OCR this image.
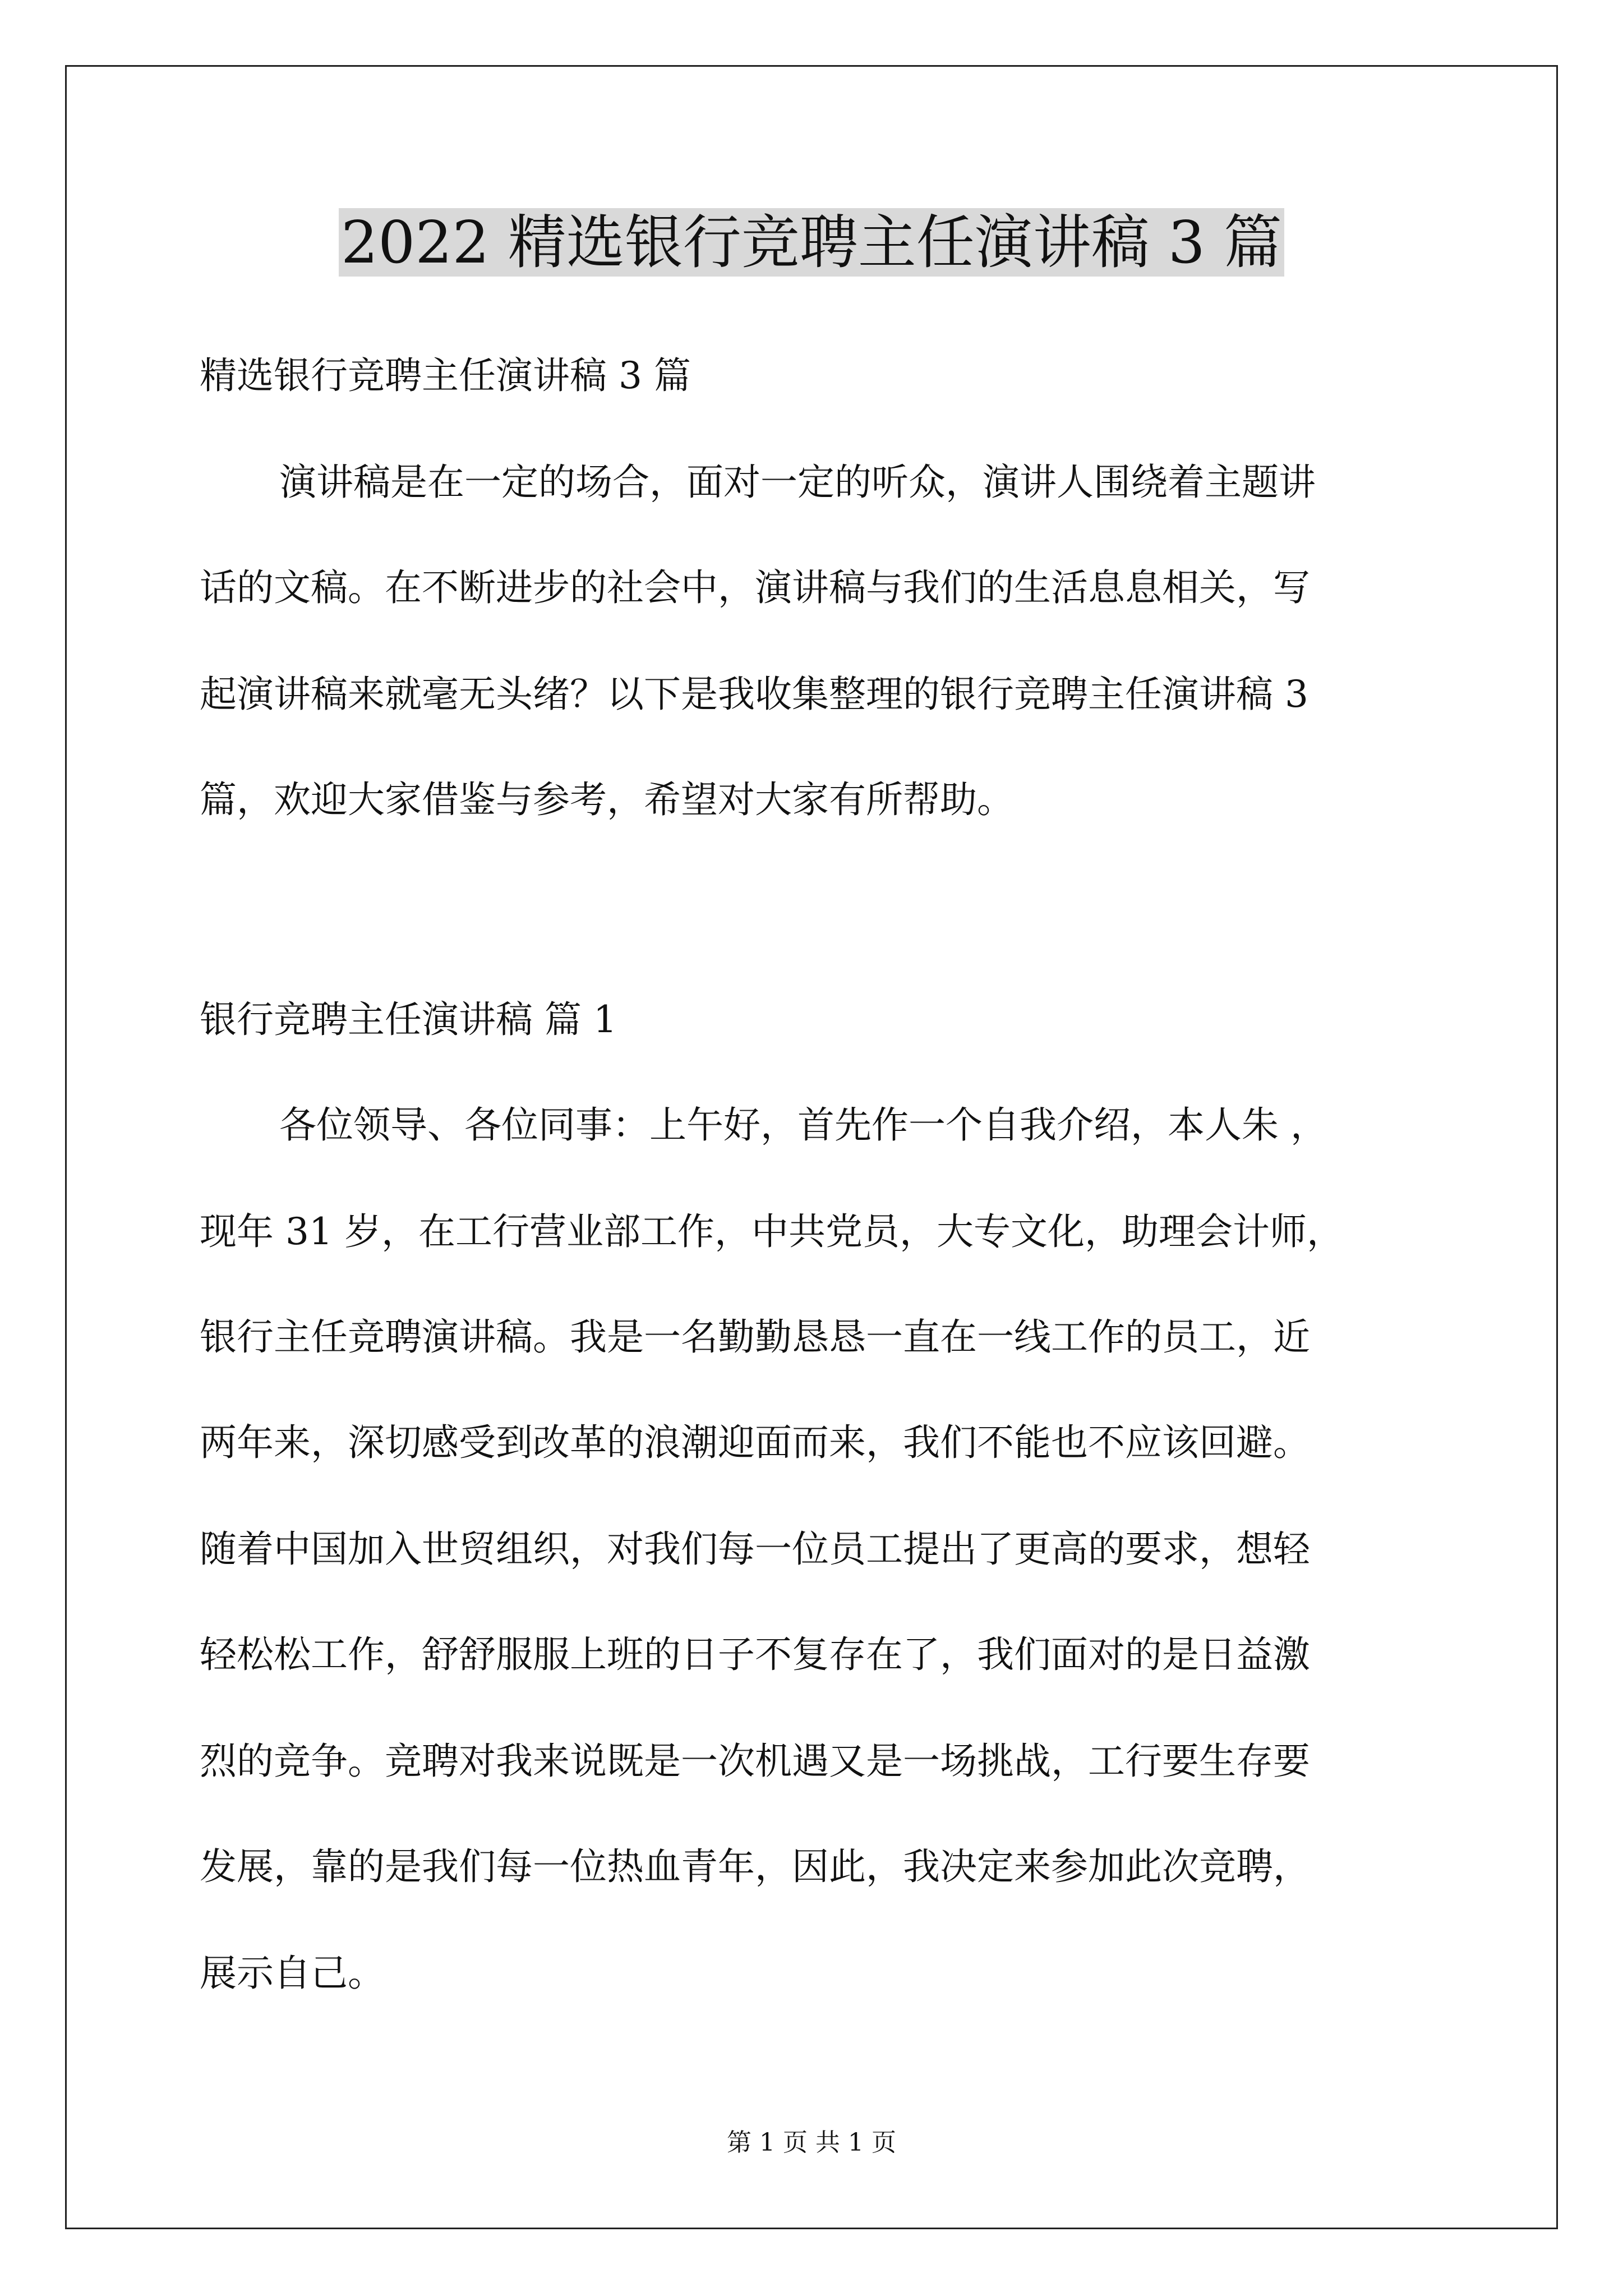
2022 精选银行竞聘主任演讲稿 3 篇
精选银行竞聘主任演讲稿 3 篇
演讲稿是在一定的场合，面对一定的听众，演讲人围绕着主题讲
话的文稿。在不断进步的社会中，演讲稿与我们的生活息息相关，写
起演讲稿来就毫无头绪？以下是我收集整理的银行竞聘主任演讲稿 3
篇，欢迎大家借鉴与参考，希望对大家有所帮助。
银行竞聘主任演讲稿 篇 1
各位领导、各位同事：上午好，首先作一个自我介绍，本人朱 ，
现年 31 岁，在工行营业部工作，中共党员，大专文化，助理会计师，
银行主任竞聘演讲稿。我是一名勤勤恳恳一直在一线工作的员工，近
两年来，深切感受到改革的浪潮迎面而来，我们不能也不应该回避。
随着中国加入世贸组织，对我们每一位员工提出了更高的要求，想轻
轻松松工作，舒舒服服上班的日子不复存在了，我们面对的是日益激
烈的竞争。竞聘对我来说既是一次机遇又是一场挑战，工行要生存要
发展，靠的是我们每一位热血青年，因此，我决定来参加此次竞聘，
展示自己。
第 1 页 共 1 页
